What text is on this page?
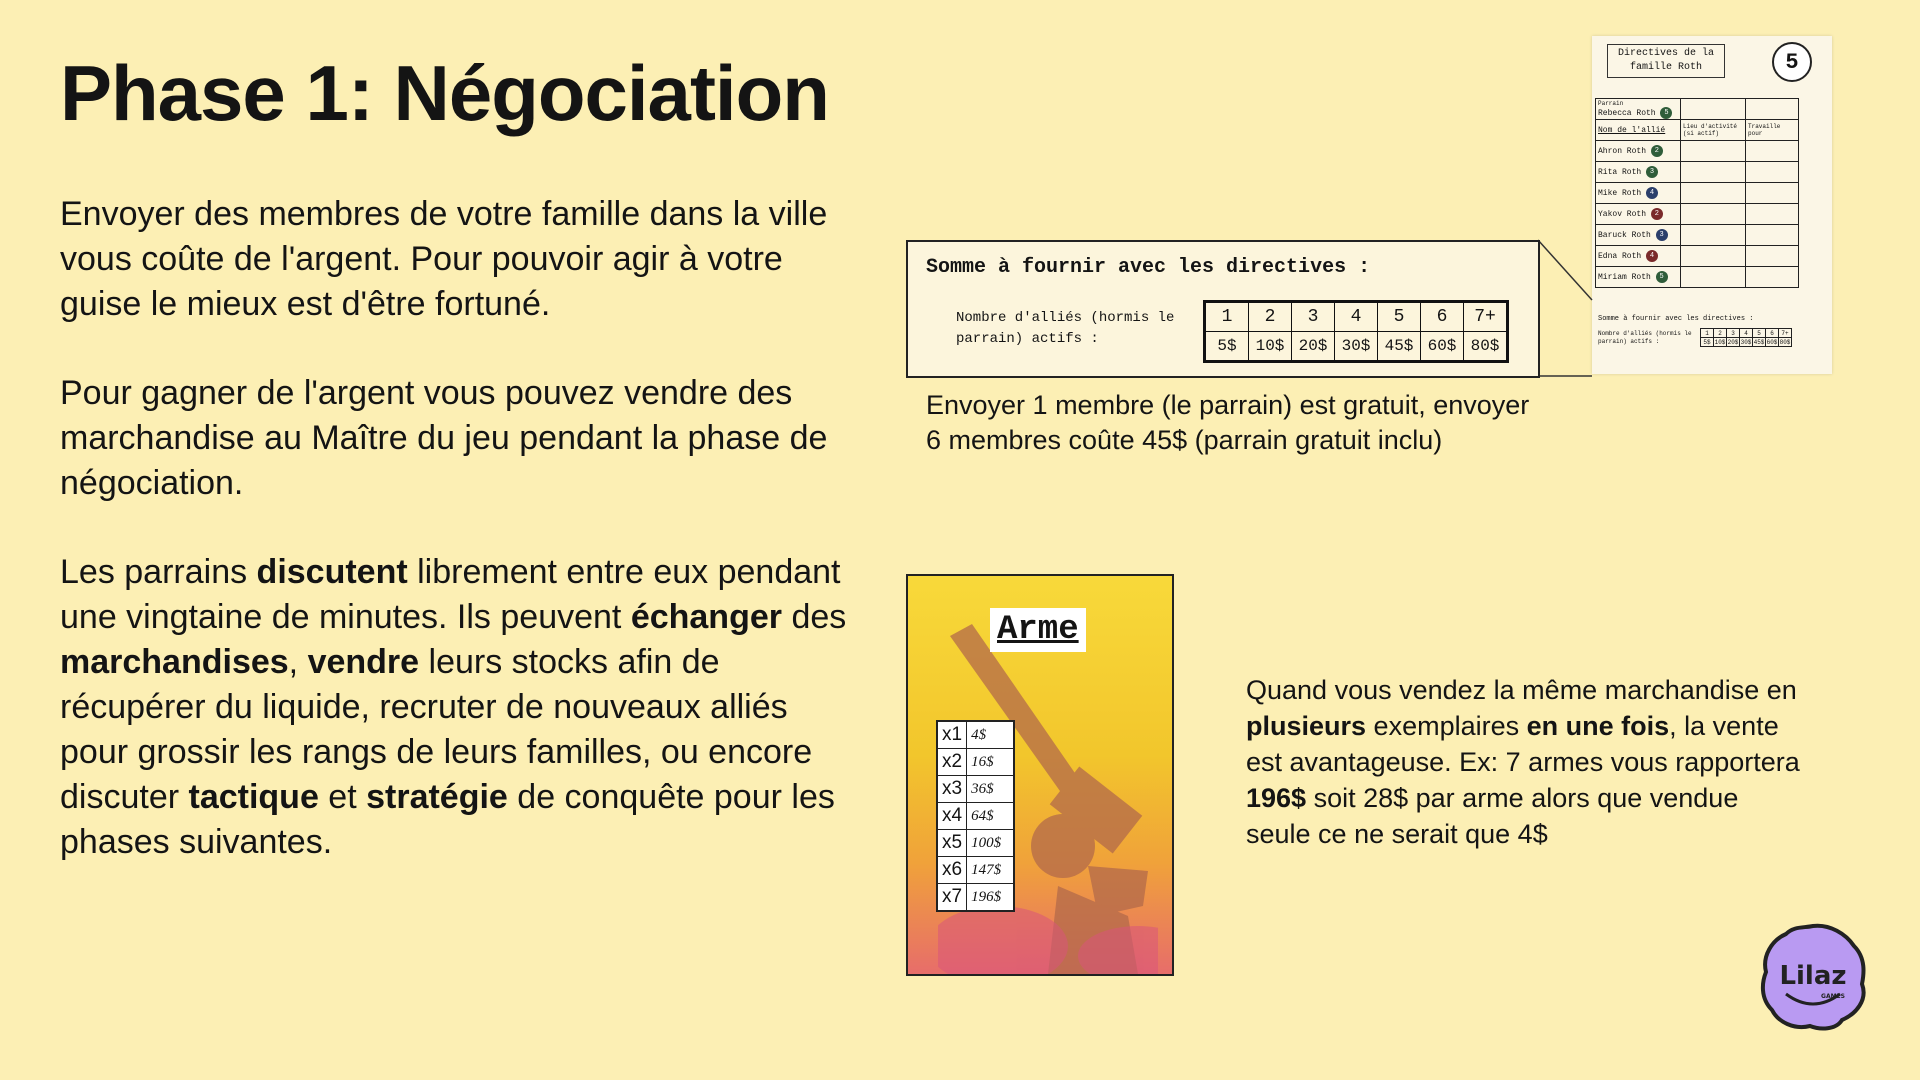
Phase 1: Négociation

Envoyer des membres de votre famille dans la ville vous coûte de l'argent. Pour pouvoir agir à votre guise le mieux est d'être fortuné.

Pour gagner de l'argent vous pouvez vendre des marchandise au Maître du jeu pendant la phase de négociation.

Les parrains discutent librement entre eux pendant une vingtaine de minutes. Ils peuvent échanger des marchandises, vendre leurs stocks afin de récupérer du liquide, recruter de nouveaux alliés pour grossir les rangs de leurs familles, ou encore discuter tactique et stratégie de conquête pour les phases suivantes.

Directives de la famille Roth	5
Parrain
Rebecca Roth 5		
Nom de l'allié	Lieu d'activité (si actif)	Travaille pour
Ahron Roth 2		
Rita Roth 3		
Mike Roth 4		
Yakov Roth 2		
Baruck Roth 3		
Edna Roth 4		
Miriam Roth 5		
Somme à fournir avec les directives :
Nombre d'alliés (hormis le parrain) actifs :
1	2	3	4	5	6	7+
5$	10$	20$	30$	45$	60$	80$
Somme à fournir avec les directives :
Nombre d'alliés (hormis le parrain) actifs :
1	2	3	4	5	6	7+
5$	10$	20$	30$	45$	60$	80$
Envoyer 1 membre (le parrain) est gratuit, envoyer 6 membres coûte 45$ (parrain gratuit inclu)
Arme
x1	4$
x2	16$
x3	36$
x4	64$
x5	100$
x6	147$
x7	196$

Quand vous vendez la même marchandise en plusieurs exemplaires en une fois, la vente est avantageuse. Ex: 7 armes vous rapportera 196$ soit 28$ par arme alors que vendue seule ce ne serait que 4$

Lilaz
GAMES
